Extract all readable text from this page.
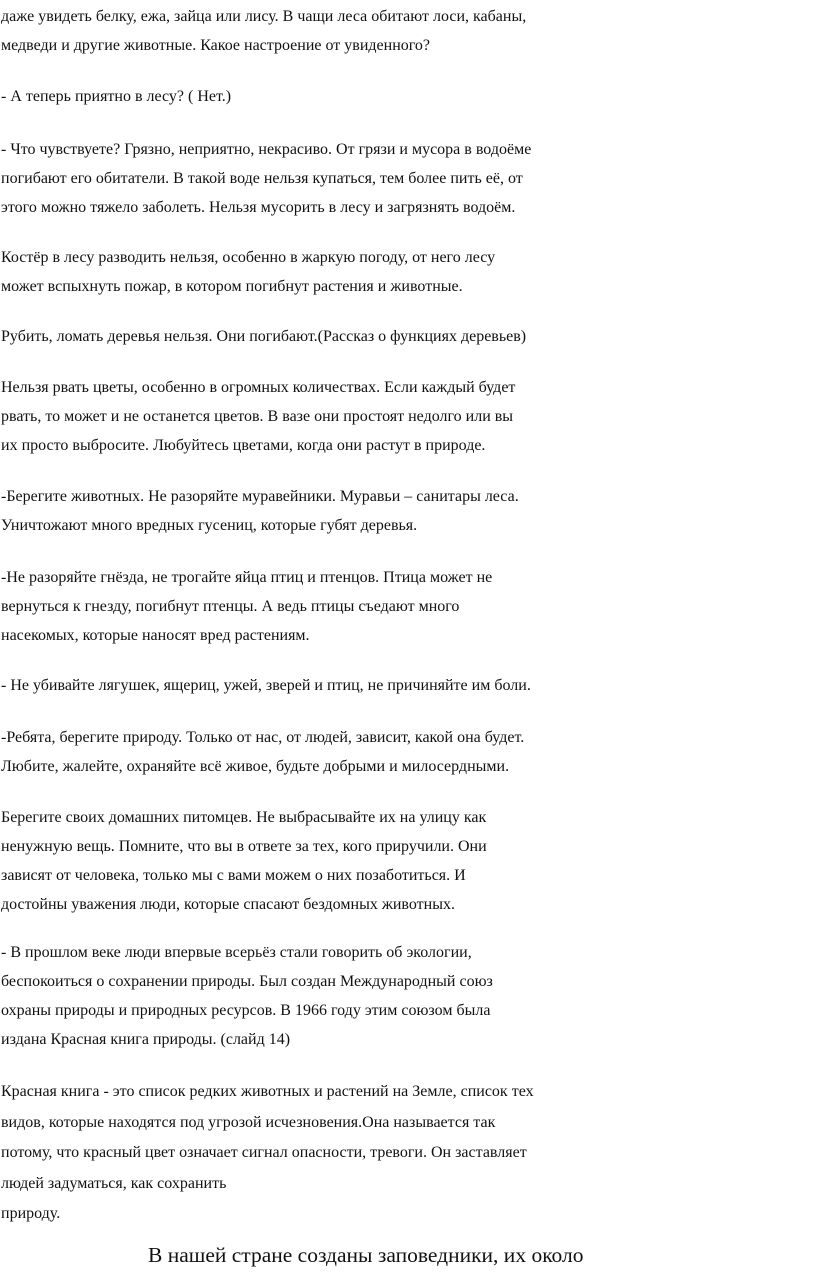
даже увидеть белку, ежа, зайца или лису. В чащи леса обитают лоси, кабаны,
медведи и другие животные. Какое настроение от увиденного?

- А теперь приятно в лесу? ( Нет.)

- Что чувствуете? Грязно, неприятно, некрасиво. От грязи и мусора в водоёме
погибают его обитатели. В такой воде нельзя купаться, тем более пить её, от
этого можно тяжело заболеть. Нельзя мусорить в лесу и загрязнять водоём.

Костёр в лесу разводить нельзя, особенно в жаркую погоду, от него лесу
может вспыхнуть пожар, в котором погибнут растения и животные.

Рубить, ломать деревья нельзя. Они погибают.(Рассказ о функциях деревьев)

Нельзя рвать цветы, особенно в огромных количествах. Если каждый будет
рвать, то может и не останется цветов. В вазе они простоят недолго или вы
их просто выбросите. Любуйтесь цветами, когда они растут в природе.

-Берегите животных. Не разоряйте муравейники. Муравьи – санитары леса.
Уничтожают много вредных гусениц, которые губят деревья.

-Не разоряйте гнёзда, не трогайте яйца птиц и птенцов. Птица может не
вернуться к гнезду, погибнут птенцы. А ведь птицы съедают много
насекомых, которые наносят вред растениям.

- Не убивайте лягушек, ящериц, ужей, зверей и птиц, не причиняйте им боли.

-Ребята, берегите природу. Только от нас, от людей, зависит, какой она будет.
Любите, жалейте, охраняйте всё живое, будьте добрыми и милосердными.

Берегите своих домашних питомцев. Не выбрасывайте их на улицу как
ненужную вещь. Помните, что вы в ответе за тех, кого приручили. Они
зависят от человека, только мы с вами можем о них позаботиться. И
достойны уважения люди, которые спасают бездомных животных.

- В прошлом веке люди впервые всерьёз стали говорить об экологии,
беспокоиться о сохранении природы. Был создан Международный союз
охраны природы и природных ресурсов. В 1966 году этим союзом была
издана Красная книга природы. (слайд 14)

Красная книга - это список редких животных и растений на Земле, список тех
видов, которые находятся под угрозой исчезновения.Она называется так
потому, что красный цвет означает сигнал опасности, тревоги. Он заставляет
людей задуматься, как сохранить
природу.

В нашей стране созданы заповедники, их около
